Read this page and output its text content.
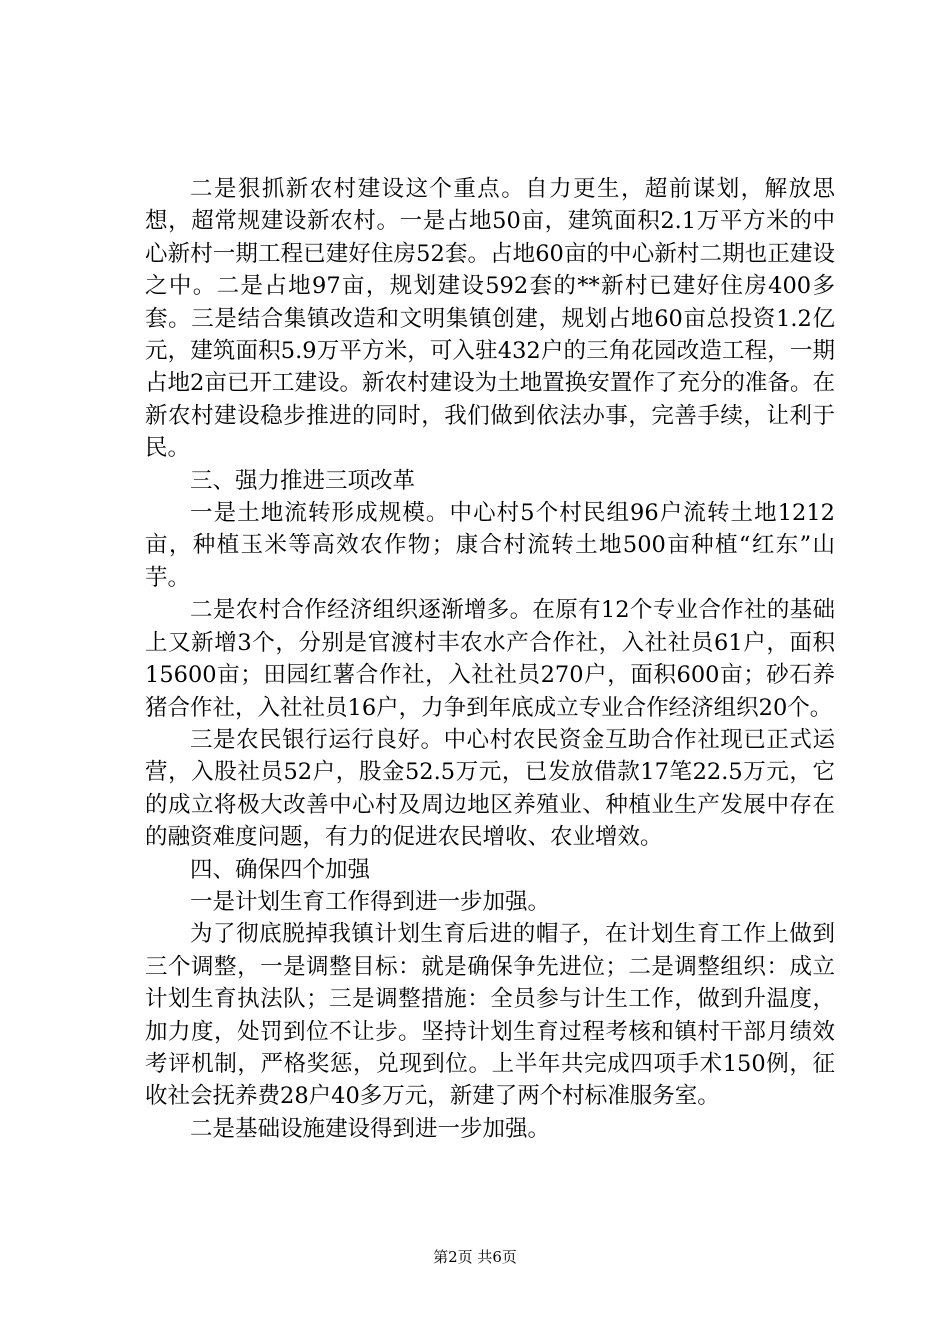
二是狠抓新农村建设这个重点。自力更生，超前谋划，解放思想，超常规建设新农村。一是占地50亩，建筑面积2.1万平方米的中心新村一期工程已建好住房52套。占地60亩的中心新村二期也正建设之中。二是占地97亩，规划建设592套的**新村已建好住房400多套。三是结合集镇改造和文明集镇创建，规划占地60亩总投资1.2亿元，建筑面积5.9万平方米，可入驻432户的三角花园改造工程，一期占地2亩已开工建设。新农村建设为土地置换安置作了充分的准备。在新农村建设稳步推进的同时，我们做到依法办事，完善手续，让利于民。

三、强力推进三项改革

一是土地流转形成规模。中心村5个村民组96户流转土地1212亩，种植玉米等高效农作物；康合村流转土地500亩种植“红东”山芋。

二是农村合作经济组织逐渐增多。在原有12个专业合作社的基础上又新增3个，分别是官渡村丰农水产合作社，入社社员61户，面积15600亩；田园红薯合作社，入社社员270户，面积600亩；砂石养猪合作社，入社社员16户，力争到年底成立专业合作经济组织20个。

三是农民银行运行良好。中心村农民资金互助合作社现已正式运营，入股社员52户，股金52.5万元，已发放借款17笔22.5万元，它的成立将极大改善中心村及周边地区养殖业、种植业生产发展中存在的融资难度问题，有力的促进农民增收、农业增效。

四、确保四个加强

一是计划生育工作得到进一步加强。

为了彻底脱掉我镇计划生育后进的帽子，在计划生育工作上做到三个调整，一是调整目标：就是确保争先进位；二是调整组织：成立计划生育执法队；三是调整措施：全员参与计生工作，做到升温度，加力度，处罚到位不让步。坚持计划生育过程考核和镇村干部月绩效考评机制，严格奖惩，兑现到位。上半年共完成四项手术150例，征收社会抚养费28户40多万元，新建了两个村标准服务室。

二是基础设施建设得到进一步加强。

第2页 共6页
